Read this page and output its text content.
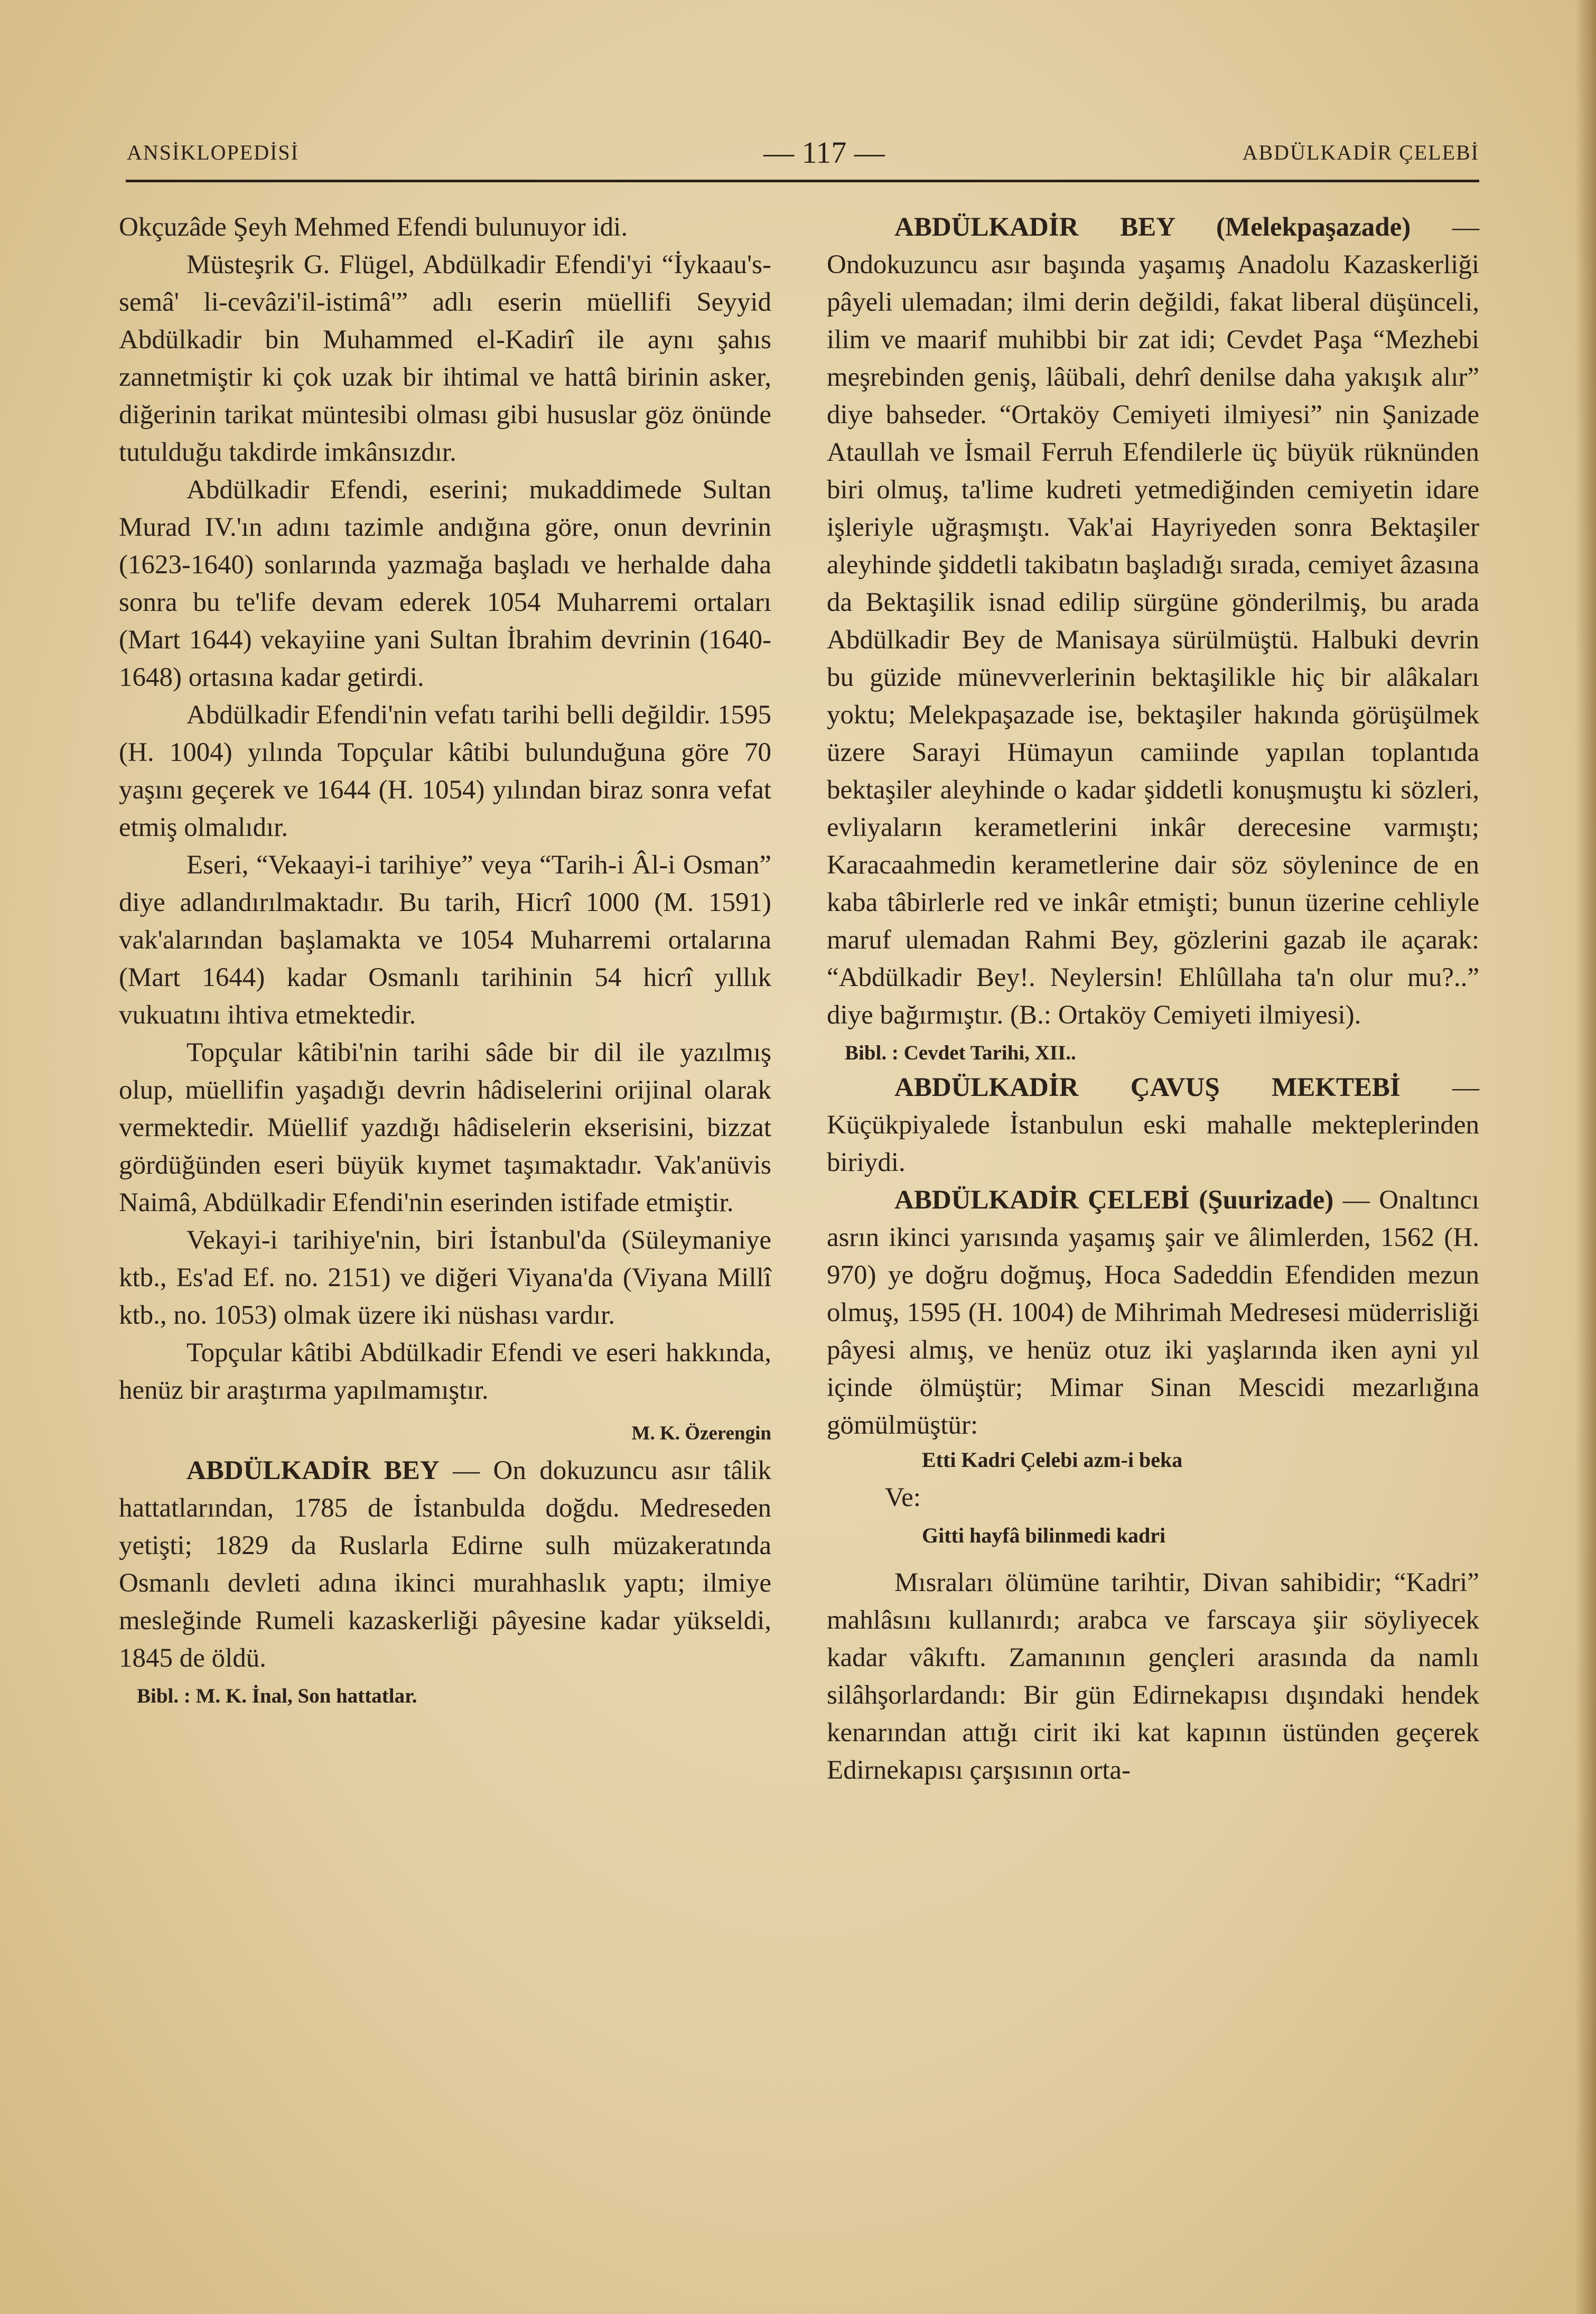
ANSİKLOPEDİSİ	— 117 —	ABDÜLKADİR ÇELEBİ

Okçuzâde Şeyh Mehmed Efendi bulunuyor idi.

Müsteşrik G. Flügel, Abdülkadir Efendi'yi “İykaau's-semâ' li-cevâzi'il-istimâ'” adlı eserin müellifi Seyyid Abdülkadir bin Muhammed el-Kadirî ile aynı şahıs zannetmiştir ki çok uzak bir ihtimal ve hattâ birinin asker, diğerinin tarikat müntesibi olması gibi hususlar göz önünde tutulduğu takdirde imkânsızdır.

Abdülkadir Efendi, eserini; mukaddimede Sultan Murad IV.'ın adını tazimle andığına göre, onun devrinin (1623-1640) sonlarında yazmağa başladı ve herhalde daha sonra bu te'life devam ederek 1054 Muharremi ortaları (Mart 1644) vekayiine yani Sultan İbrahim devrinin (1640-1648) ortasına kadar getirdi.

Abdülkadir Efendi'nin vefatı tarihi belli değildir. 1595 (H. 1004) yılında Topçular kâtibi bulunduğuna göre 70 yaşını geçerek ve 1644 (H. 1054) yılından biraz sonra vefat etmiş olmalıdır.

Eseri, “Vekaayi-i tarihiye” veya “Tarih-i Âl-i Osman” diye adlandırılmaktadır. Bu tarih, Hicrî 1000 (M. 1591) vak'alarından başlamakta ve 1054 Muharremi ortalarına (Mart 1644) kadar Osmanlı tarihinin 54 hicrî yıllık vukuatını ihtiva etmektedir.

Topçular kâtibi'nin tarihi sâde bir dil ile yazılmış olup, müellifin yaşadığı devrin hâdiselerini orijinal olarak vermektedir. Müellif yazdığı hâdiselerin ekserisini, bizzat gördüğünden eseri büyük kıymet taşımaktadır. Vak'anüvis Naimâ, Abdülkadir Efendi'nin eserinden istifade etmiştir.

Vekayi-i tarihiye'nin, biri İstanbul'da (Süleymaniye ktb., Es'ad Ef. no. 2151) ve diğeri Viyana'da (Viyana Millî ktb., no. 1053) olmak üzere iki nüshası vardır.

Topçular kâtibi Abdülkadir Efendi ve eseri hakkında, henüz bir araştırma yapılmamıştır.

M. K. Özerengin

ABDÜLKADİR BEY — On dokuzuncu asır tâlik hattatlarından, 1785 de İstanbulda doğdu. Medreseden yetişti; 1829 da Ruslarla Edirne sulh müzakeratında Osmanlı devleti adına ikinci murahhaslık yaptı; ilmiye mesleğinde Rumeli kazaskerliği pâyesine kadar yükseldi, 1845 de öldü.

Bibl. : M. K. İnal, Son hattatlar.

ABDÜLKADİR BEY (Melekpaşazade) — Ondokuzuncu asır başında yaşamış Anadolu Kazaskerliği pâyeli ulemadan; ilmi derin değildi, fakat liberal düşünceli, ilim ve maarif muhibbi bir zat idi; Cevdet Paşa “Mezhebi meşrebinden geniş, lâübali, dehrî denilse daha yakışık alır” diye bahseder. “Ortaköy Cemiyeti ilmiyesi” nin Şanizade Ataullah ve İsmail Ferruh Efendilerle üç büyük rüknünden biri olmuş, ta'lime kudreti yetmediğinden cemiyetin idare işleriyle uğraşmıştı. Vak'ai Hayriyeden sonra Bektaşiler aleyhinde şiddetli takibatın başladığı sırada, cemiyet âzasına da Bektaşilik isnad edilip sürgüne gönderilmiş, bu arada Abdülkadir Bey de Manisaya sürülmüştü. Halbuki devrin bu güzide münevverlerinin bektaşilikle hiç bir alâkaları yoktu; Melekpaşazade ise, bektaşiler hakında görüşülmek üzere Sarayi Hümayun camiinde yapılan toplantıda bektaşiler aleyhinde o kadar şiddetli konuşmuştu ki sözleri, evliyaların kerametlerini inkâr derecesine varmıştı; Karacaahmedin kerametlerine dair söz söylenince de en kaba tâbirlerle red ve inkâr etmişti; bunun üzerine cehliyle maruf ulemadan Rahmi Bey, gözlerini gazab ile açarak: “Abdülkadir Bey!. Neylersin! Ehlûllaha ta'n olur mu?..” diye bağırmıştır. (B.: Ortaköy Cemiyeti ilmiyesi).

Bibl. : Cevdet Tarihi, XII..

ABDÜLKADİR ÇAVUŞ MEKTEBİ — Küçükpiyalede İstanbulun eski mahalle mekteplerinden biriydi.

ABDÜLKADİR ÇELEBİ (Şuurizade) — Onaltıncı asrın ikinci yarısında yaşamış şair ve âlimlerden, 1562 (H. 970) ye doğru doğmuş, Hoca Sadeddin Efendiden mezun olmuş, 1595 (H. 1004) de Mihrimah Medresesi müderrisliği pâyesi almış, ve henüz otuz iki yaşlarında iken ayni yıl içinde ölmüştür; Mimar Sinan Mescidi mezarlığına gömülmüştür:

Etti Kadri Çelebi azm-i beka

Ve:

Gitti hayfâ bilinmedi kadri

Mısraları ölümüne tarihtir, Divan sahibidir; “Kadri” mahlâsını kullanırdı; arabca ve farscaya şiir söyliyecek kadar vâkıftı. Zamanının gençleri arasında da namlı silâhşorlardandı: Bir gün Edirnekapısı dışındaki hendek kenarından attığı cirit iki kat kapının üstünden geçerek Edirnekapısı çarşısının orta-
